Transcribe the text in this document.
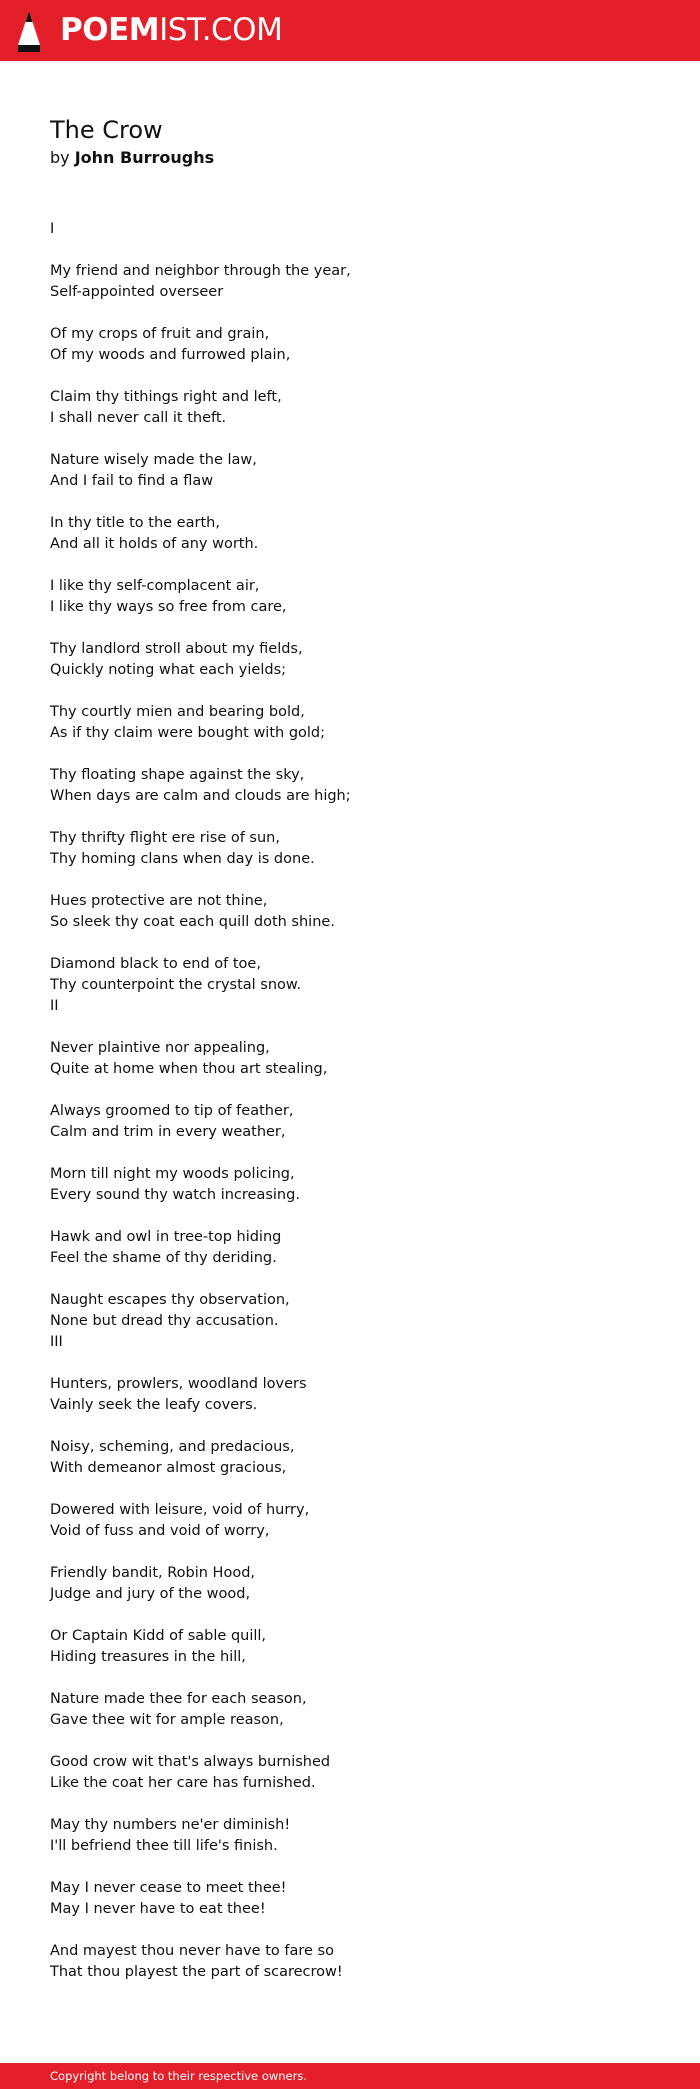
POEMIST.COM
The Crow
by John Burroughs
I
My friend and neighbor through the year,
Self-appointed overseer
Of my crops of fruit and grain,
Of my woods and furrowed plain,
Claim thy tithings right and left,
I shall never call it theft.
Nature wisely made the law,
And I fail to find a flaw
In thy title to the earth,
And all it holds of any worth.
I like thy self-complacent air,
I like thy ways so free from care,
Thy landlord stroll about my fields,
Quickly noting what each yields;
Thy courtly mien and bearing bold,
As if thy claim were bought with gold;
Thy floating shape against the sky,
When days are calm and clouds are high;
Thy thrifty flight ere rise of sun,
Thy homing clans when day is done.
Hues protective are not thine,
So sleek thy coat each quill doth shine.
Diamond black to end of toe,
Thy counterpoint the crystal snow.
II
Never plaintive nor appealing,
Quite at home when thou art stealing,
Always groomed to tip of feather,
Calm and trim in every weather,
Morn till night my woods policing,
Every sound thy watch increasing.
Hawk and owl in tree-top hiding
Feel the shame of thy deriding.
Naught escapes thy observation,
None but dread thy accusation.
III
Hunters, prowlers, woodland lovers
Vainly seek the leafy covers.
Noisy, scheming, and predacious,
With demeanor almost gracious,
Dowered with leisure, void of hurry,
Void of fuss and void of worry,
Friendly bandit, Robin Hood,
Judge and jury of the wood,
Or Captain Kidd of sable quill,
Hiding treasures in the hill,
Nature made thee for each season,
Gave thee wit for ample reason,
Good crow wit that's always burnished
Like the coat her care has furnished.
May thy numbers ne'er diminish!
I'll befriend thee till life's finish.
May I never cease to meet thee!
May I never have to eat thee!
And mayest thou never have to fare so
That thou playest the part of scarecrow!
Copyright belong to their respective owners.
